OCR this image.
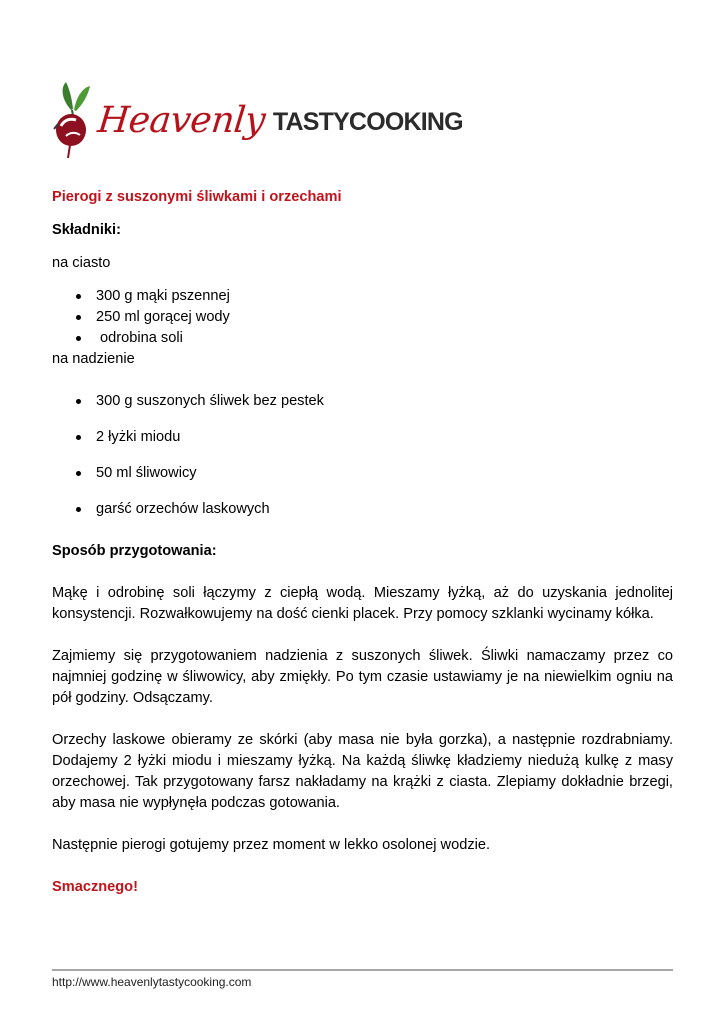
Heavenly TASTYCOOKING

Pierogi z suszonymi śliwkami i orzechami

Składniki:

na ciasto

300 g mąki pszennej
250 ml gorącej wody
odrobina soli

na nadzienie

300 g suszonych śliwek bez pestek
2 łyżki miodu
50 ml śliwowicy
garść orzechów laskowych

Sposób przygotowania:

Mąkę i odrobinę soli łączymy z ciepłą wodą. Mieszamy łyżką, aż do uzyskania jednolitej konsystencji. Rozwałkowujemy na dość cienki placek. Przy pomocy szklanki wycinamy kółka.

Zajmiemy się przygotowaniem nadzienia z suszonych śliwek. Śliwki namaczamy przez co najmniej godzinę w śliwowicy, aby zmiękły. Po tym czasie ustawiamy je na niewielkim ogniu na pół godziny. Odsączamy.

Orzechy laskowe obieramy ze skórki (aby masa nie była gorzka), a następnie rozdrabniamy. Dodajemy 2 łyżki miodu i mieszamy łyżką. Na każdą śliwkę kładziemy niedużą kulkę z masy orzechowej. Tak przygotowany farsz nakładamy na krążki z ciasta. Zlepiamy dokładnie brzegi, aby masa nie wypłynęła podczas gotowania.

Następnie pierogi gotujemy przez moment w lekko osolonej wodzie.

Smacznego!

http://www.heavenlytastycooking.com
